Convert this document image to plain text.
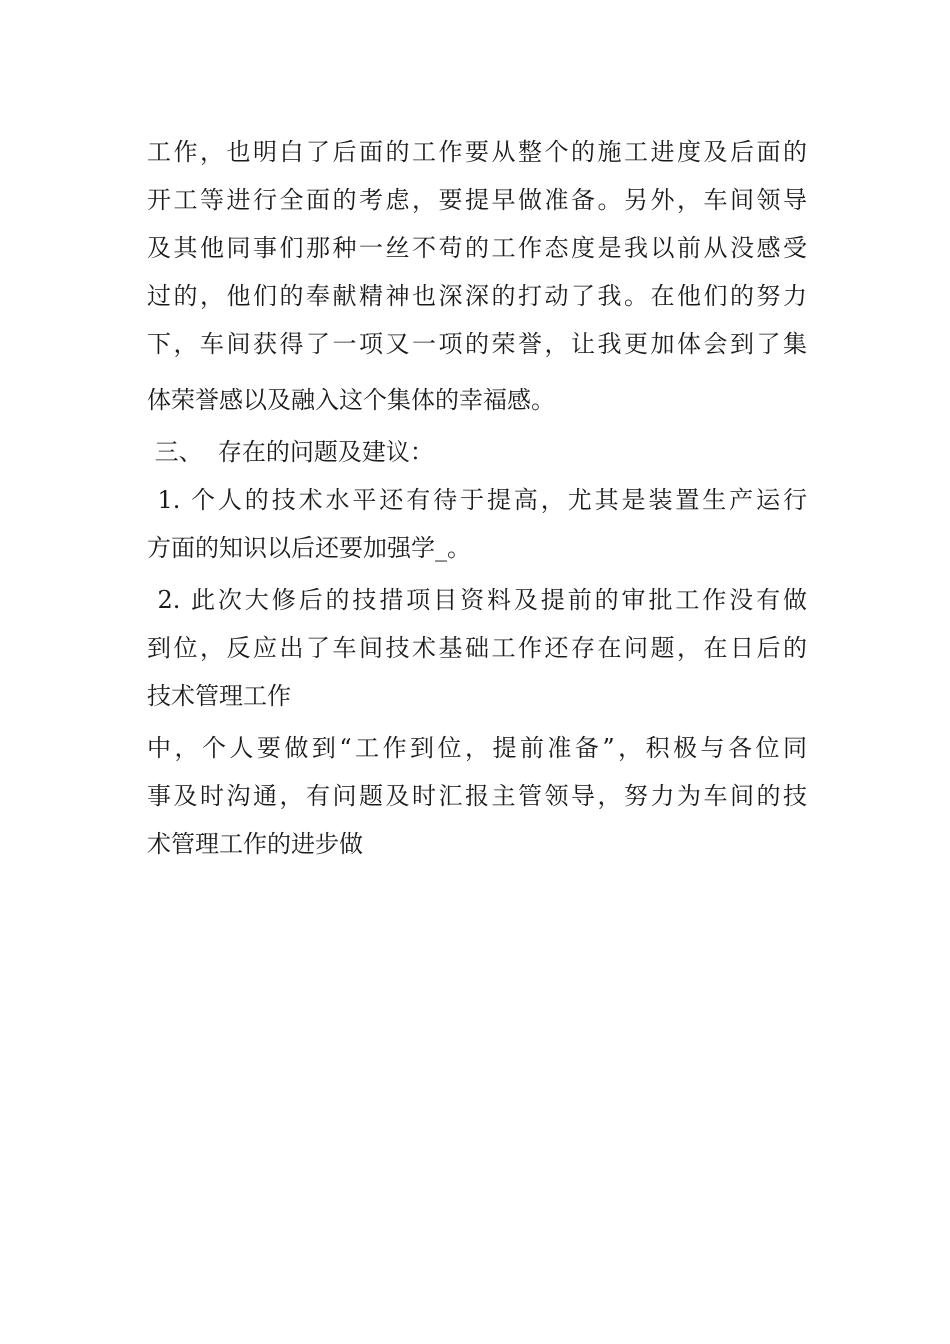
工作，也明白了后面的工作要从整个的施工进度及后面的
开工等进行全面的考虑，要提早做准备。另外，车间领导
及其他同事们那种一丝不苟的工作态度是我以前从没感受
过的，他们的奉献精神也深深的打动了我。在他们的努力
下，车间获得了一项又一项的荣誉，让我更加体会到了集
体荣誉感以及融入这个集体的幸福感。
三、  存在的问题及建议：
1. 个人的技术水平还有待于提高，尤其是装置生产运行
方面的知识以后还要加强学_。
2. 此次大修后的技措项目资料及提前的审批工作没有做
到位，反应出了车间技术基础工作还存在问题，在日后的
技术管理工作
中，个人要做到“工作到位，提前准备”，积极与各位同
事及时沟通，有问题及时汇报主管领导，努力为车间的技
术管理工作的进步做
